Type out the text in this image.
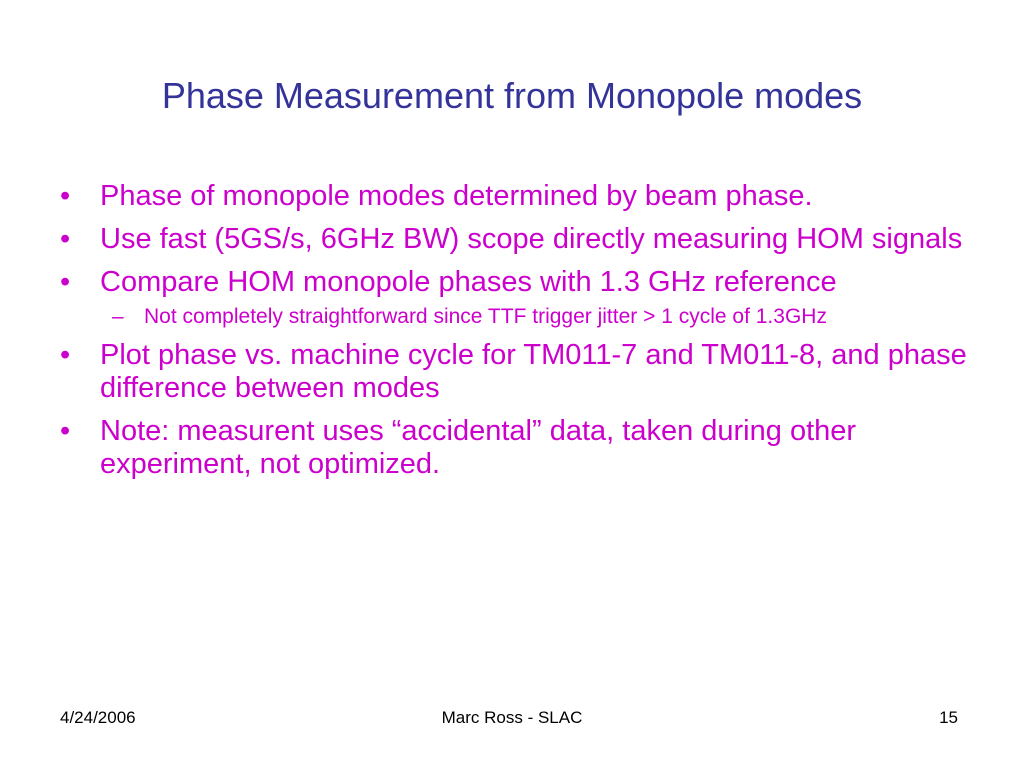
Phase Measurement from Monopole modes
•	Phase of monopole modes determined by beam phase.
•	Use fast (5GS/s, 6GHz BW) scope directly measuring HOM signals
•	Compare HOM monopole phases with 1.3 GHz reference
– Not completely straightforward since TTF trigger jitter > 1 cycle of 1.3GHz
•	Plot phase vs. machine cycle for TM011-7 and TM011-8, and phase difference between modes
•	Note: measurent uses “accidental” data, taken during other experiment, not optimized.
4/24/2006	Marc Ross - SLAC	15
